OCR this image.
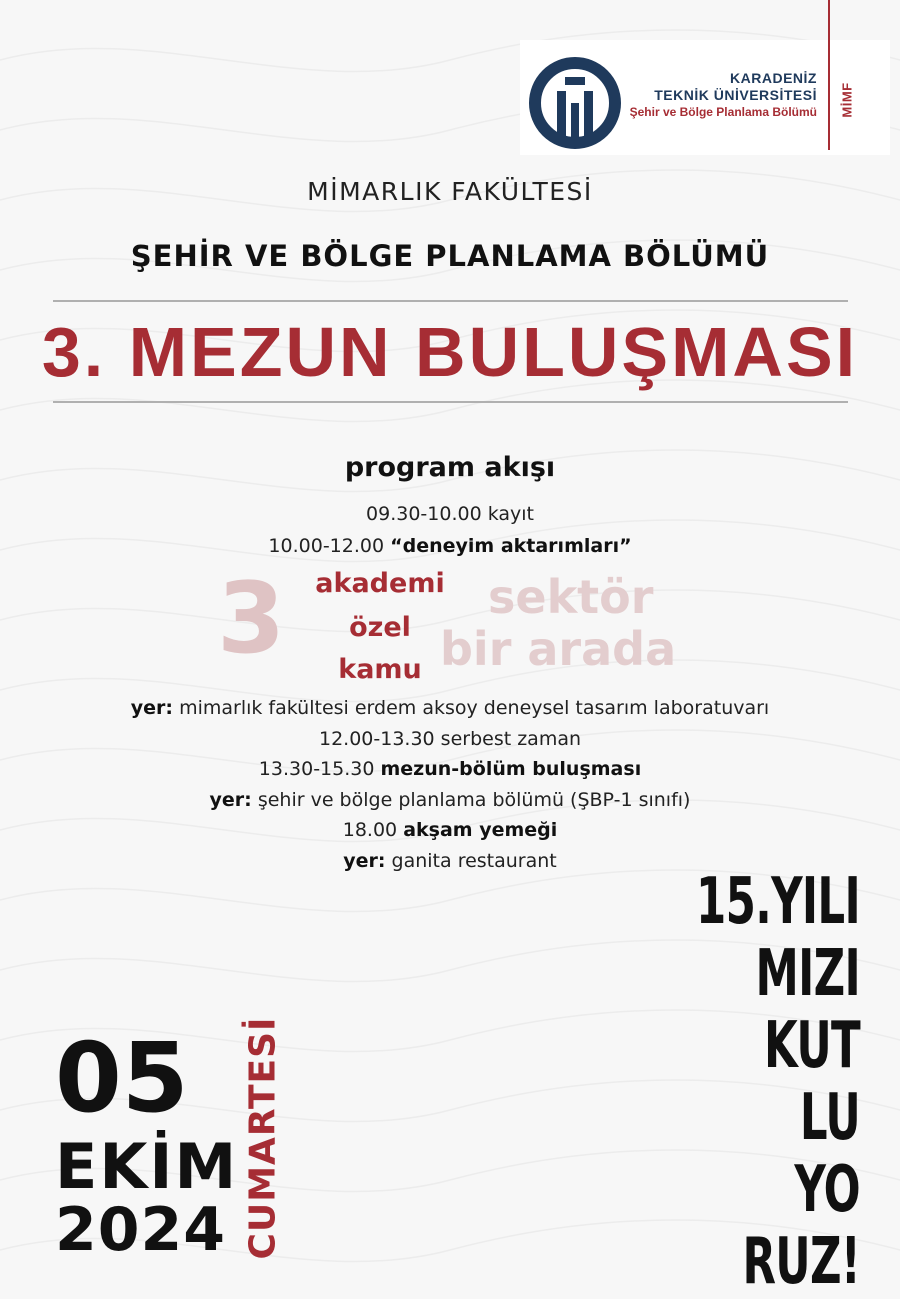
KARADENİZ
TEKNİK ÜNİVERSİTESİ
Şehir ve Bölge Planlama Bölümü MİMF
MİMARLIK FAKÜLTESİ
ŞEHİR VE BÖLGE PLANLAMA BÖLÜMÜ
3. MEZUN BULUŞMASI
program akışı
09.30-10.00 kayıt
10.00-12.00 “deneyim aktarımları”
3	akademi
özel
kamu
sektör
bir arada
yer: mimarlık fakültesi erdem aksoy deneysel tasarım laboratuvarı
12.00-13.30 serbest zaman
13.30-15.30 mezun-bölüm buluşması
yer: şehir ve bölge planlama bölümü (ŞBP-1 sınıfı)
18.00 akşam yemeği
yer: ganita restaurant
15.YILI
MIZI
KUT
LU
YO
RUZ!
05
EKİM
2024 CUMARTESİ
